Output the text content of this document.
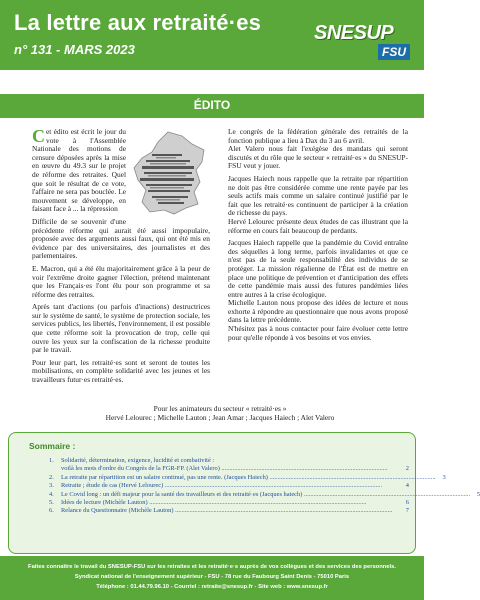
La lettre aux retraité·es
n° 131 - MARS 2023
SNESUP
FSU
ÉDITO

C et édito est écrit le jour du vote à l'Assemblée Nationale des motions de censure déposées après la mise en œuvre du 49.3 sur le projet de réforme des retraites. Quel que soit le résultat de ce vote, l'affaire ne sera pas bouclée. Le mouvement se développe, en faisant face à ... la répression

Difficile de se souvenir d'une précédente réforme qui aurait été aussi impopulaire, proposée avec des arguments aussi faux, qui ont été mis en évidence par des universitaires, des journalistes et des parlementaires.

E. Macron, qui a été élu majoritairement grâce à la peur de voir l'extrême droite gagner l'élection, prétend maintenant que les Français·es l'ont élu pour son programme et sa réforme des retraites.

Après tant d'actions (ou parfois d'inactions) destructrices sur le système de santé, le système de protection sociale, les services publics, les libertés, l'environnement, il est possible que cette réforme soit la provocation de trop, celle qui ouvre les yeux sur la confiscation de la richesse produite par le travail.

Pour leur part, les retraité·es sont et seront de toutes les mobilisations, en complète solidarité avec les jeunes et les travailleurs futur·es retraité·es.

Le congrès de la fédération générale des retraités de la fonction publique a lieu à Dax du 3 au 6 avril.

Alet Valero nous fait l'exégèse des mandats qui seront discutés et du rôle que le secteur « retraité·es » du SNESUP-FSU veut y jouer.

Jacques Haiech nous rappelle que la retraite par répartition ne doit pas être considérée comme une rente payée par les seuls actifs mais comme un salaire continué justifié par le fait que les retraité·es continuent de participer à la création de richesse du pays.

Hervé Lelourec présente deux études de cas illustrant que la réforme en cours fait beaucoup de perdants.

Jacques Haiech rappelle que la pandémie du Covid entraîne des séquelles à long terme, parfois invalidantes et que ce n'est pas de la seule responsabilité des individus de se protéger. La mission régalienne de l'État est de mettre en place une politique de prévention et d'anticipation des effets de cette pandémie mais aussi des futures pandémies liées entre autres à la crise écologique.

Michelle Lauton nous propose des idées de lecture et nous exhorte à répondre au questionnaire que nous avons proposé dans la lettre précédente.

N'hésitez pas à nous contacter pour faire évoluer cette lettre pour qu'elle réponde à vos besoins et vos envies.

Pour les animateurs du secteur « retraité·es »
Hervé Lelourec ; Michelle Lauton ; Jean Amar ; Jacques Haiech ; Alet Valero
Sommaire :
1.	Solidarité, détermination, exigence, lucidité et combativité :
voilà les mots d'ordre du Congrès de la FGR-FP. (Alet Valero) ........................................................................................................	2
2.	La retraite par répartition est un salaire continué, pas une rente. (Jacques Haiech) ........................................................................................................	3
3.	Retraite ; étude de cas (Hervé Lelourec) ........................................................................................................................................	4
4.	Le Covid long : un défi majeur pour la santé des travailleurs et des retraité·es (Jacques haiech) ........................................................................................................	5
5.	Idées de lecture (Michèle Lauton) ........................................................................................................................................	6
6.	Relance du Questionnaire (Michèle Lauton) ........................................................................................................................................	7
Faites connaître le travail du SNESUP-FSU sur les retraites et les retraité·e·s auprès de vos collègues et des services des personnels.
Syndicat national de l'enseignement supérieur - FSU - 78 rue du Faubourg Saint Denis - 75010 Paris
Téléphone : 01.44.79.96.10 - Courriel : retraite@snesup.fr - Site web : www.snesup.fr
